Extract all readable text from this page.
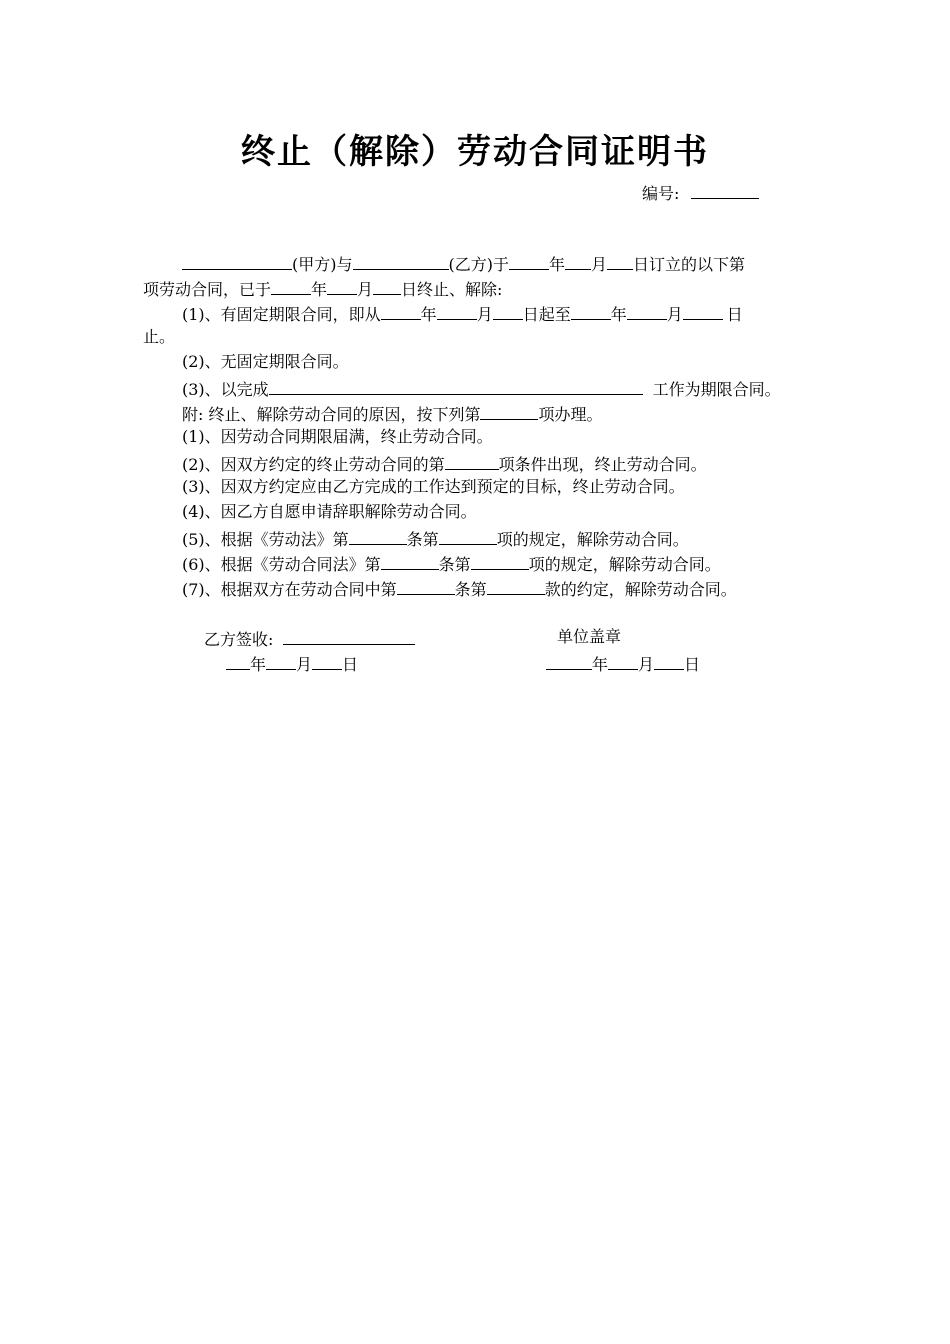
终止（解除）劳动合同证明书
编号:
(甲方)与	(乙方)于	年 月 日订立的以下第
项劳动合同，已于	年 月 日终止、解除:
(1)、有固定期限合同，即从	年	月 日起至	年	月	日
止。
(2)、无固定期限合同。
(3)、以完成	工作为期限合同。
附: 终止、解除劳动合同的原因，按下列第	项办理。
(1)、因劳动合同期限届满，终止劳动合同。
(2)、因双方约定的终止劳动合同的第	项条件出现，终止劳动合同。
(3)、因双方约定应由乙方完成的工作达到预定的目标，终止劳动合同。
(4)、因乙方自愿申请辞职解除劳动合同。
(5)、根据《劳动法》第	条第	项的规定，解除劳动合同。
(6)、根据《劳动合同法》第	条第	项的规定，解除劳动合同。
(7)、根据双方在劳动合同中第	条第	款的约定，解除劳动合同。
乙方签收:	单位盖章
年 月 日	年 月 日
